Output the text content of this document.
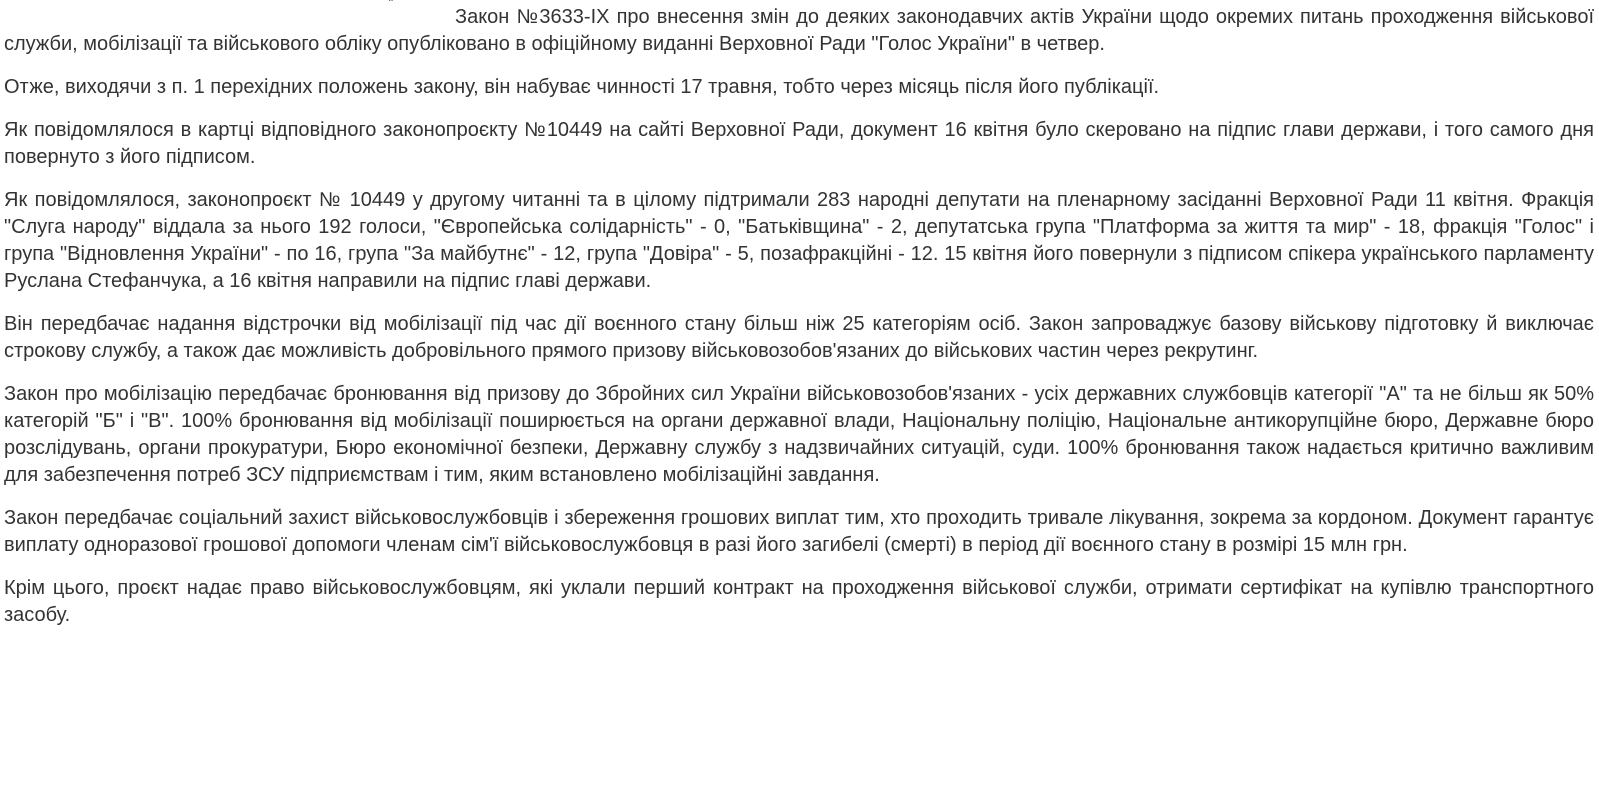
¨

Закон №3633-IX про внесення змін до деяких законодавчих актів України щодо окремих питань проходження військової служби, мобілізації та військового обліку опубліковано в офіційному виданні Верховної Ради "Голос України" в четвер.

Отже, виходячи з п. 1 перехідних положень закону, він набуває чинності 17 травня, тобто через місяць після його публікації.

Як повідомлялося в картці відповідного законопроєкту №10449 на сайті Верховної Ради, документ 16 квітня було скеровано на підпис глави держави, і того самого дня повернуто з його підписом.

Як повідомлялося, законопроєкт № 10449 у другому читанні та в цілому підтримали 283 народні депутати на пленарному засіданні Верховної Ради 11 квітня. Фракція "Слуга народу" віддала за нього 192 голоси, "Європейська солідарність" - 0, "Батьківщина" - 2, депутатська група "Платформа за життя та мир" - 18, фракція "Голос" і група "Відновлення України" - по 16, група "За майбутнє" - 12, група "Довіра" - 5, позафракційні - 12. 15 квітня його повернули з підписом спікера українського парламенту Руслана Стефанчука, а 16 квітня направили на підпис главі держави.

Він передбачає надання відстрочки від мобілізації під час дії воєнного стану більш ніж 25 категоріям осіб. Закон запроваджує базову військову підготовку й виключає строкову службу, а також дає можливість добровільного прямого призову військовозобов'язаних до військових частин через рекрутинг.

Закон про мобілізацію передбачає бронювання від призову до Збройних сил України військовозобов'язаних - усіх державних службовців категорії "А" та не більш як 50% категорій "Б" і "В". 100% бронювання від мобілізації поширюється на органи державної влади, Національну поліцію, Національне антикорупційне бюро, Державне бюро розслідувань, органи прокуратури, Бюро економічної безпеки, Державну службу з надзвичайних ситуацій, суди. 100% бронювання також надається критично важливим для забезпечення потреб ЗСУ підприємствам і тим, яким встановлено мобілізаційні завдання.

Закон передбачає соціальний захист військовослужбовців і збереження грошових виплат тим, хто проходить тривале лікування, зокрема за кордоном. Документ гарантує виплату одноразової грошової допомоги членам сім'ї військовослужбовця в разі його загибелі (смерті) в період дії воєнного стану в розмірі 15 млн грн.

Крім цього, проєкт надає право військовослужбовцям, які уклали перший контракт на проходження військової служби, отримати сертифікат на купівлю транспортного засобу.
